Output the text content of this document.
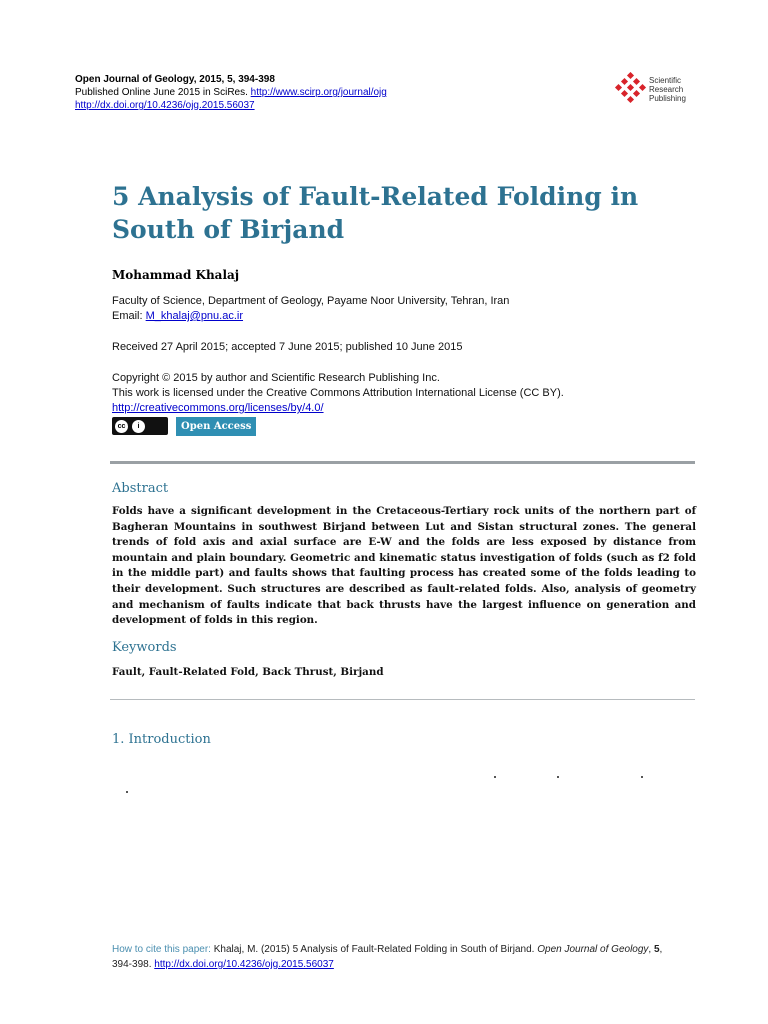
Open Journal of Geology, 2015, 5, 394-398
Published Online June 2015 in SciRes. http://www.scirp.org/journal/ojg
http://dx.doi.org/10.4236/ojg.2015.56037
Scientific
Research
Publishing
5 Analysis of Fault-Related Folding in South of Birjand
Mohammad Khalaj
Faculty of Science, Department of Geology, Payame Noor University, Tehran, Iran
Email: M_khalaj@pnu.ac.ir
Received 27 April 2015; accepted 7 June 2015; published 10 June 2015
Copyright © 2015 by author and Scientific Research Publishing Inc.
This work is licensed under the Creative Commons Attribution International License (CC BY).
http://creativecommons.org/licenses/by/4.0/
cc	i	Open Access
Abstract
Folds have a significant development in the Cretaceous-Tertiary rock units of the northern part of Bagheran Mountains in southwest Birjand between Lut and Sistan structural zones. The general trends of fold axis and axial surface are E-W and the folds are less exposed by distance from mountain and plain boundary. Geometric and kinematic status investigation of folds (such as f2 fold in the middle part) and faults shows that faulting process has created some of the folds leading to their development. Such structures are described as fault-related folds. Also, analysis of geometry and mechanism of faults indicate that back thrusts have the largest influence on generation and development of folds in this region.
Keywords
Fault, Fault-Related Fold, Back Thrust, Birjand
1. Introduction
How to cite this paper: Khalaj, M. (2015) 5 Analysis of Fault-Related Folding in South of Birjand. Open Journal of Geology, 5,
394-398. http://dx.doi.org/10.4236/ojg.2015.56037
